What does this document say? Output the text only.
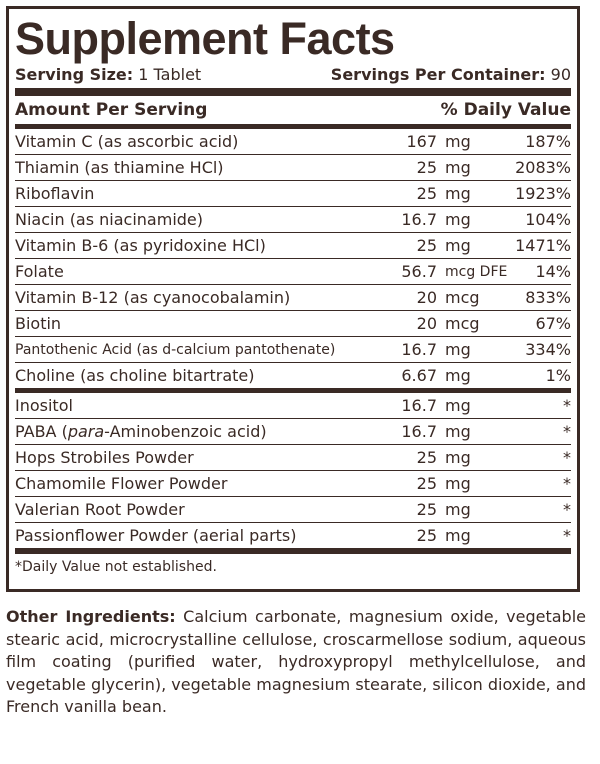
Supplement Facts
Serving Size: 1 Tablet	Servings Per Container: 90
Amount Per Serving	% Daily Value
Vitamin C (as ascorbic acid)	167 mg	187%
Thiamin (as thiamine HCl)	25 mg	2083%
Riboflavin	25 mg	1923%
Niacin (as niacinamide)	16.7 mg	104%
Vitamin B-6 (as pyridoxine HCl)	25 mg	1471%
Folate	56.7 mcg DFE	14%
Vitamin B-12 (as cyanocobalamin)	20 mcg	833%
Biotin	20 mcg	67%
Pantothenic Acid (as d-calcium pantothenate)	16.7 mg	334%
Choline (as choline bitartrate)	6.67 mg	1%
Inositol	16.7 mg	*
PABA (para-Aminobenzoic acid)	16.7 mg	*
Hops Strobiles Powder	25 mg	*
Chamomile Flower Powder	25 mg	*
Valerian Root Powder	25 mg	*
Passionflower Powder (aerial parts)	25 mg	*
*Daily Value not established.
Other Ingredients: Calcium carbonate, magnesium oxide, vegetable stearic acid, microcrystalline cellulose, croscarmellose sodium, aqueous film coating (purified water, hydroxypropyl methylcellulose, and vegetable glycerin), vegetable magnesium stearate, silicon dioxide, and French vanilla bean.
